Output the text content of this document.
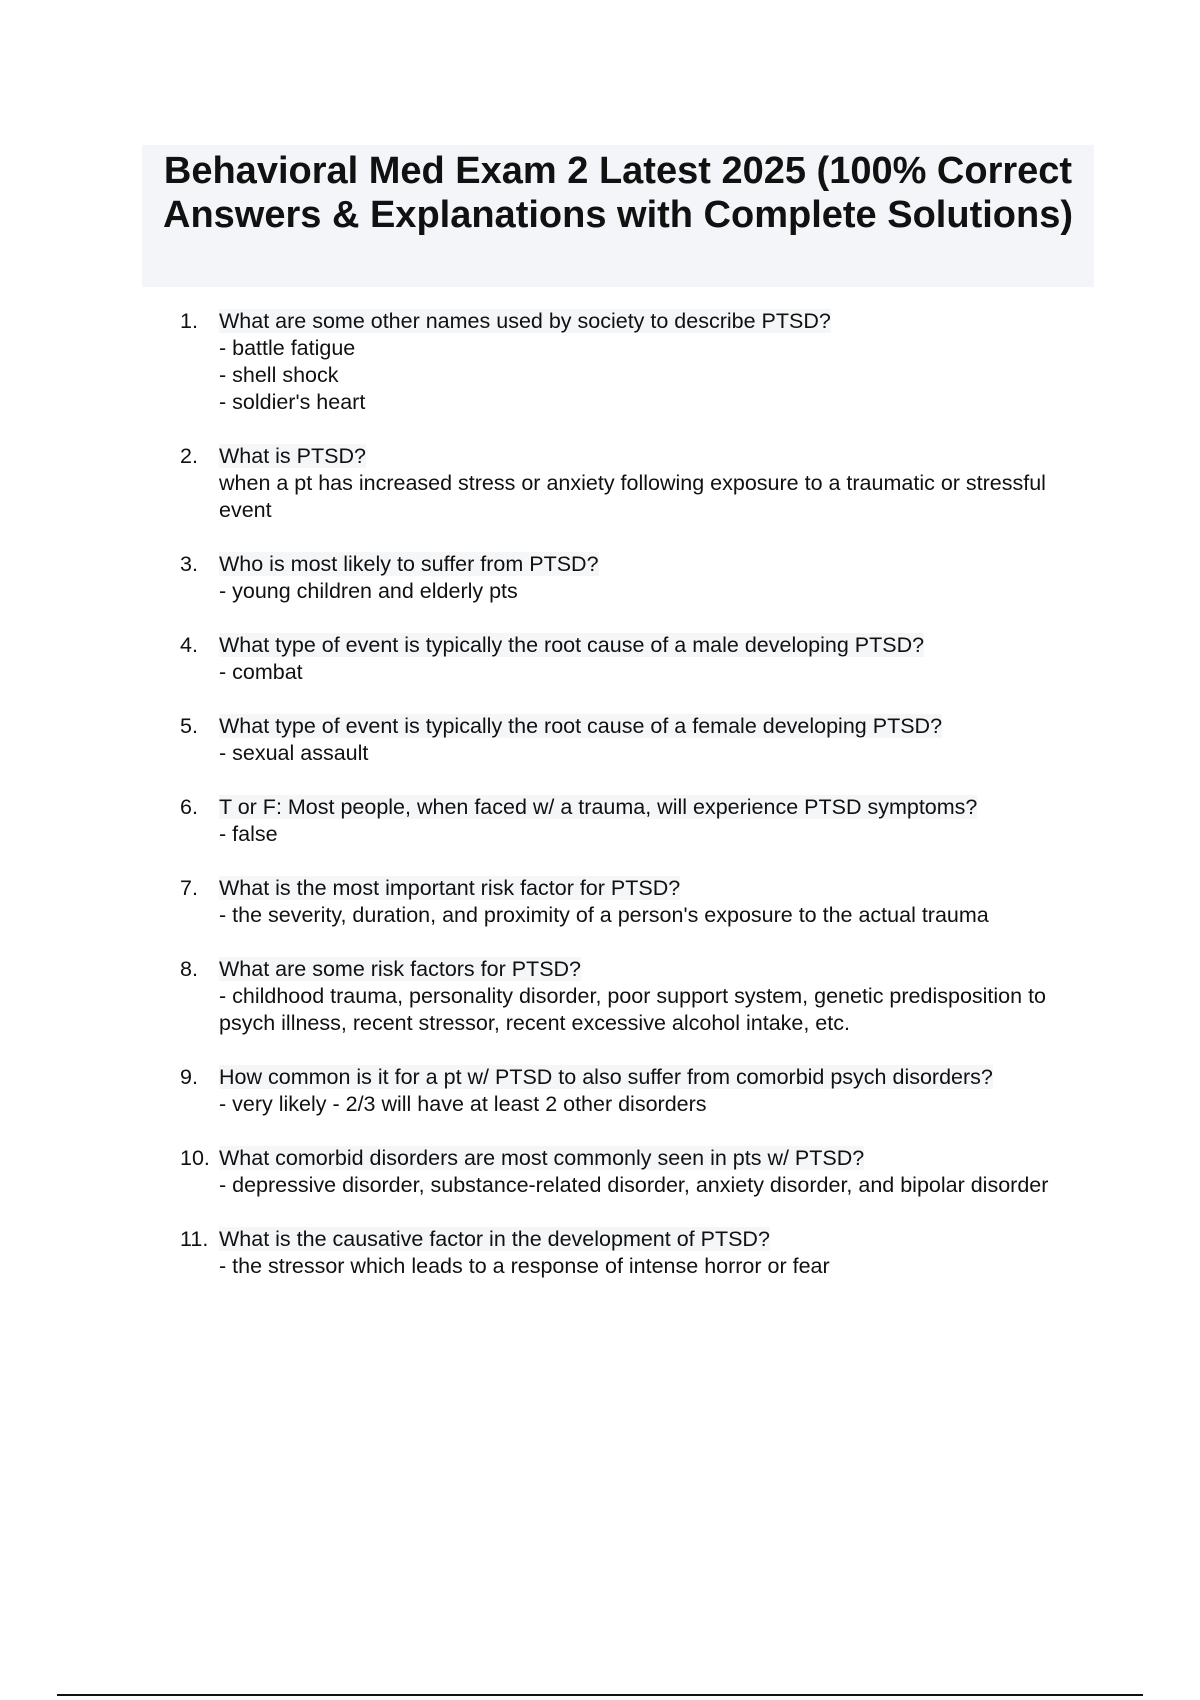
Behavioral Med Exam 2 Latest 2025 (100% Correct Answers & Explanations with Complete Solutions)
1. What are some other names used by society to describe PTSD?
- battle fatigue
- shell shock
- soldier's heart
2. What is PTSD?
when a pt has increased stress or anxiety following exposure to a traumatic or stressful event
3. Who is most likely to suffer from PTSD?
- young children and elderly pts
4. What type of event is typically the root cause of a male developing PTSD?
- combat
5. What type of event is typically the root cause of a female developing PTSD?
- sexual assault
6. T or F: Most people, when faced w/ a trauma, will experience PTSD symptoms?
- false
7. What is the most important risk factor for PTSD?
- the severity, duration, and proximity of a person's exposure to the actual trauma
8. What are some risk factors for PTSD?
- childhood trauma, personality disorder, poor support system, genetic predisposition to psych illness, recent stressor, recent excessive alcohol intake, etc.
9. How common is it for a pt w/ PTSD to also suffer from comorbid psych disorders?
- very likely - 2/3 will have at least 2 other disorders
10. What comorbid disorders are most commonly seen in pts w/ PTSD?
- depressive disorder, substance-related disorder, anxiety disorder, and bipolar disorder
11. What is the causative factor in the development of PTSD?
- the stressor which leads to a response of intense horror or fear
